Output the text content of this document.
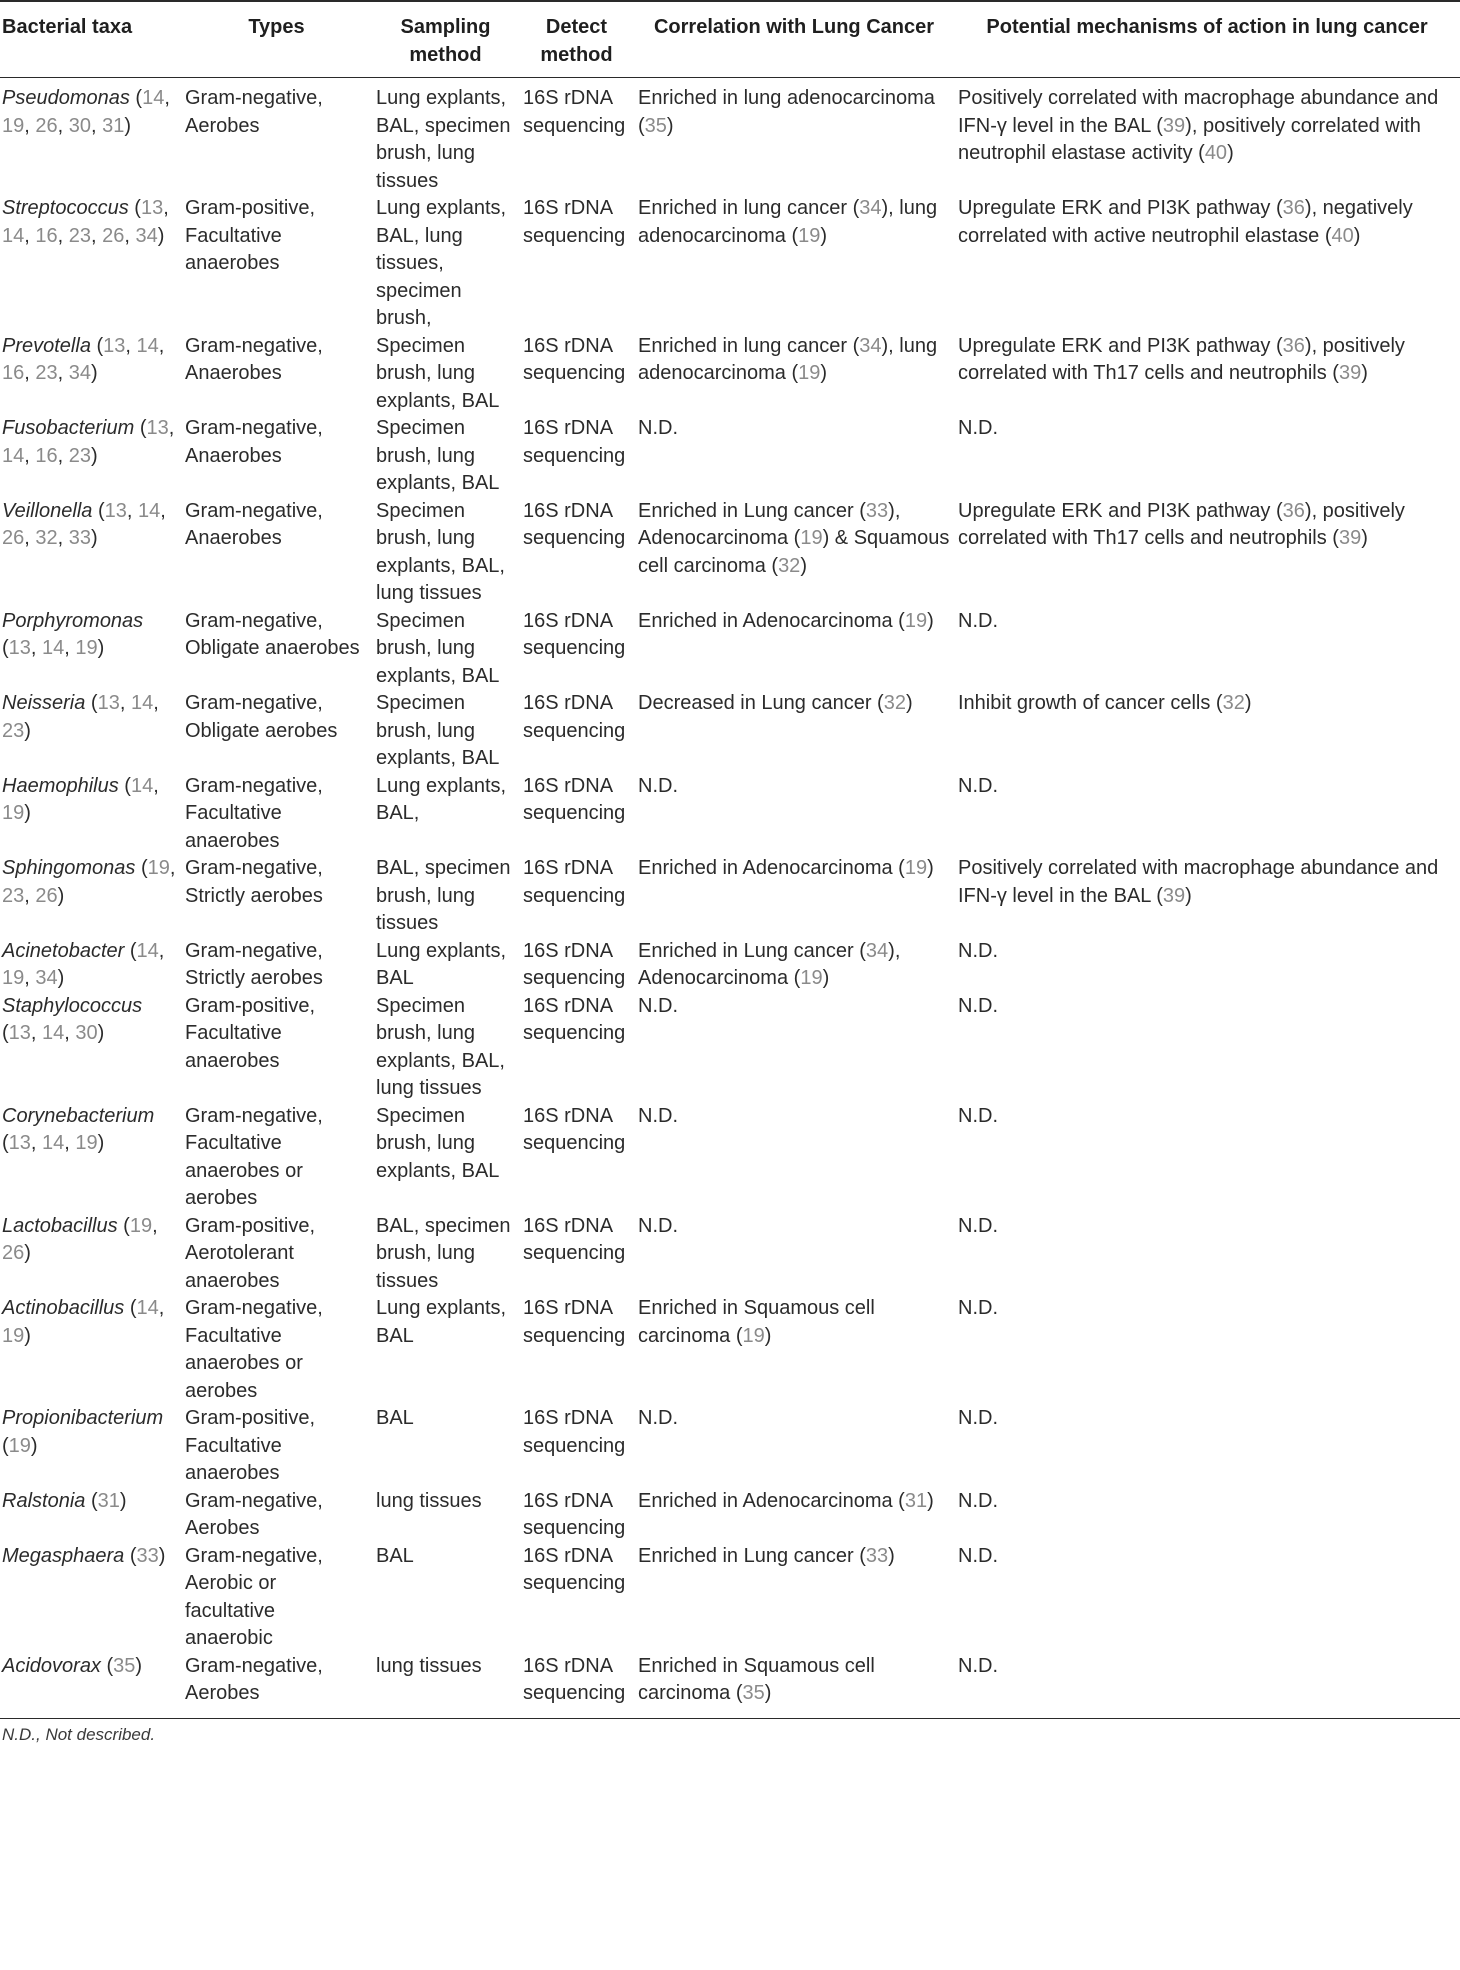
Bacterial taxa	Types	Sampling method	Detect method	Correlation with Lung Cancer	Potential mechanisms of action in lung cancer
Pseudomonas (14, 19, 26, 30, 31)	Gram-negative, Aerobes	Lung explants, BAL, specimen brush, lung tissues	16S rDNA sequencing	Enriched in lung adenocarcinoma (35)	Positively correlated with macrophage abundance and IFN-γ level in the BAL (39), positively correlated with neutrophil elastase activity (40)
Streptococcus (13, 14, 16, 23, 26, 34)	Gram-positive, Facultative anaerobes	Lung explants, BAL, lung tissues, specimen brush,	16S rDNA sequencing	Enriched in lung cancer (34), lung adenocarcinoma (19)	Upregulate ERK and PI3K pathway (36), negatively correlated with active neutrophil elastase (40)
Prevotella (13, 14, 16, 23, 34)	Gram-negative, Anaerobes	Specimen brush, lung explants, BAL	16S rDNA sequencing	Enriched in lung cancer (34), lung adenocarcinoma (19)	Upregulate ERK and PI3K pathway (36), positively correlated with Th17 cells and neutrophils (39)
Fusobacterium (13, 14, 16, 23)	Gram-negative, Anaerobes	Specimen brush, lung explants, BAL	16S rDNA sequencing	N.D.	N.D.
Veillonella (13, 14, 26, 32, 33)	Gram-negative, Anaerobes	Specimen brush, lung explants, BAL, lung tissues	16S rDNA sequencing	Enriched in Lung cancer (33), Adenocarcinoma (19) & Squamous cell carcinoma (32)	Upregulate ERK and PI3K pathway (36), positively correlated with Th17 cells and neutrophils (39)
Porphyromonas (13, 14, 19)	Gram-negative, Obligate anaerobes	Specimen brush, lung explants, BAL	16S rDNA sequencing	Enriched in Adenocarcinoma (19)	N.D.
Neisseria (13, 14, 23)	Gram-negative, Obligate aerobes	Specimen brush, lung explants, BAL	16S rDNA sequencing	Decreased in Lung cancer (32)	Inhibit growth of cancer cells (32)
Haemophilus (14, 19)	Gram-negative, Facultative anaerobes	Lung explants, BAL,	16S rDNA sequencing	N.D.	N.D.
Sphingomonas (19, 23, 26)	Gram-negative, Strictly aerobes	BAL, specimen brush, lung tissues	16S rDNA sequencing	Enriched in Adenocarcinoma (19)	Positively correlated with macrophage abundance and IFN-γ level in the BAL (39)
Acinetobacter (14, 19, 34)	Gram-negative, Strictly aerobes	Lung explants, BAL	16S rDNA sequencing	Enriched in Lung cancer (34), Adenocarcinoma (19)	N.D.
Staphylococcus (13, 14, 30)	Gram-positive, Facultative anaerobes	Specimen brush, lung explants, BAL, lung tissues	16S rDNA sequencing	N.D.	N.D.
Corynebacterium (13, 14, 19)	Gram-negative, Facultative anaerobes or aerobes	Specimen brush, lung explants, BAL	16S rDNA sequencing	N.D.	N.D.
Lactobacillus (19, 26)	Gram-positive, Aerotolerant anaerobes	BAL, specimen brush, lung tissues	16S rDNA sequencing	N.D.	N.D.
Actinobacillus (14, 19)	Gram-negative, Facultative anaerobes or aerobes	Lung explants, BAL	16S rDNA sequencing	Enriched in Squamous cell carcinoma (19)	N.D.
Propionibacterium (19)	Gram-positive, Facultative anaerobes	BAL	16S rDNA sequencing	N.D.	N.D.
Ralstonia (31)	Gram-negative, Aerobes	lung tissues	16S rDNA sequencing	Enriched in Adenocarcinoma (31)	N.D.
Megasphaera (33)	Gram-negative, Aerobic or facultative anaerobic	BAL	16S rDNA sequencing	Enriched in Lung cancer (33)	N.D.
Acidovorax (35)	Gram-negative, Aerobes	lung tissues	16S rDNA sequencing	Enriched in Squamous cell carcinoma (35)	N.D.
N.D., Not described.
